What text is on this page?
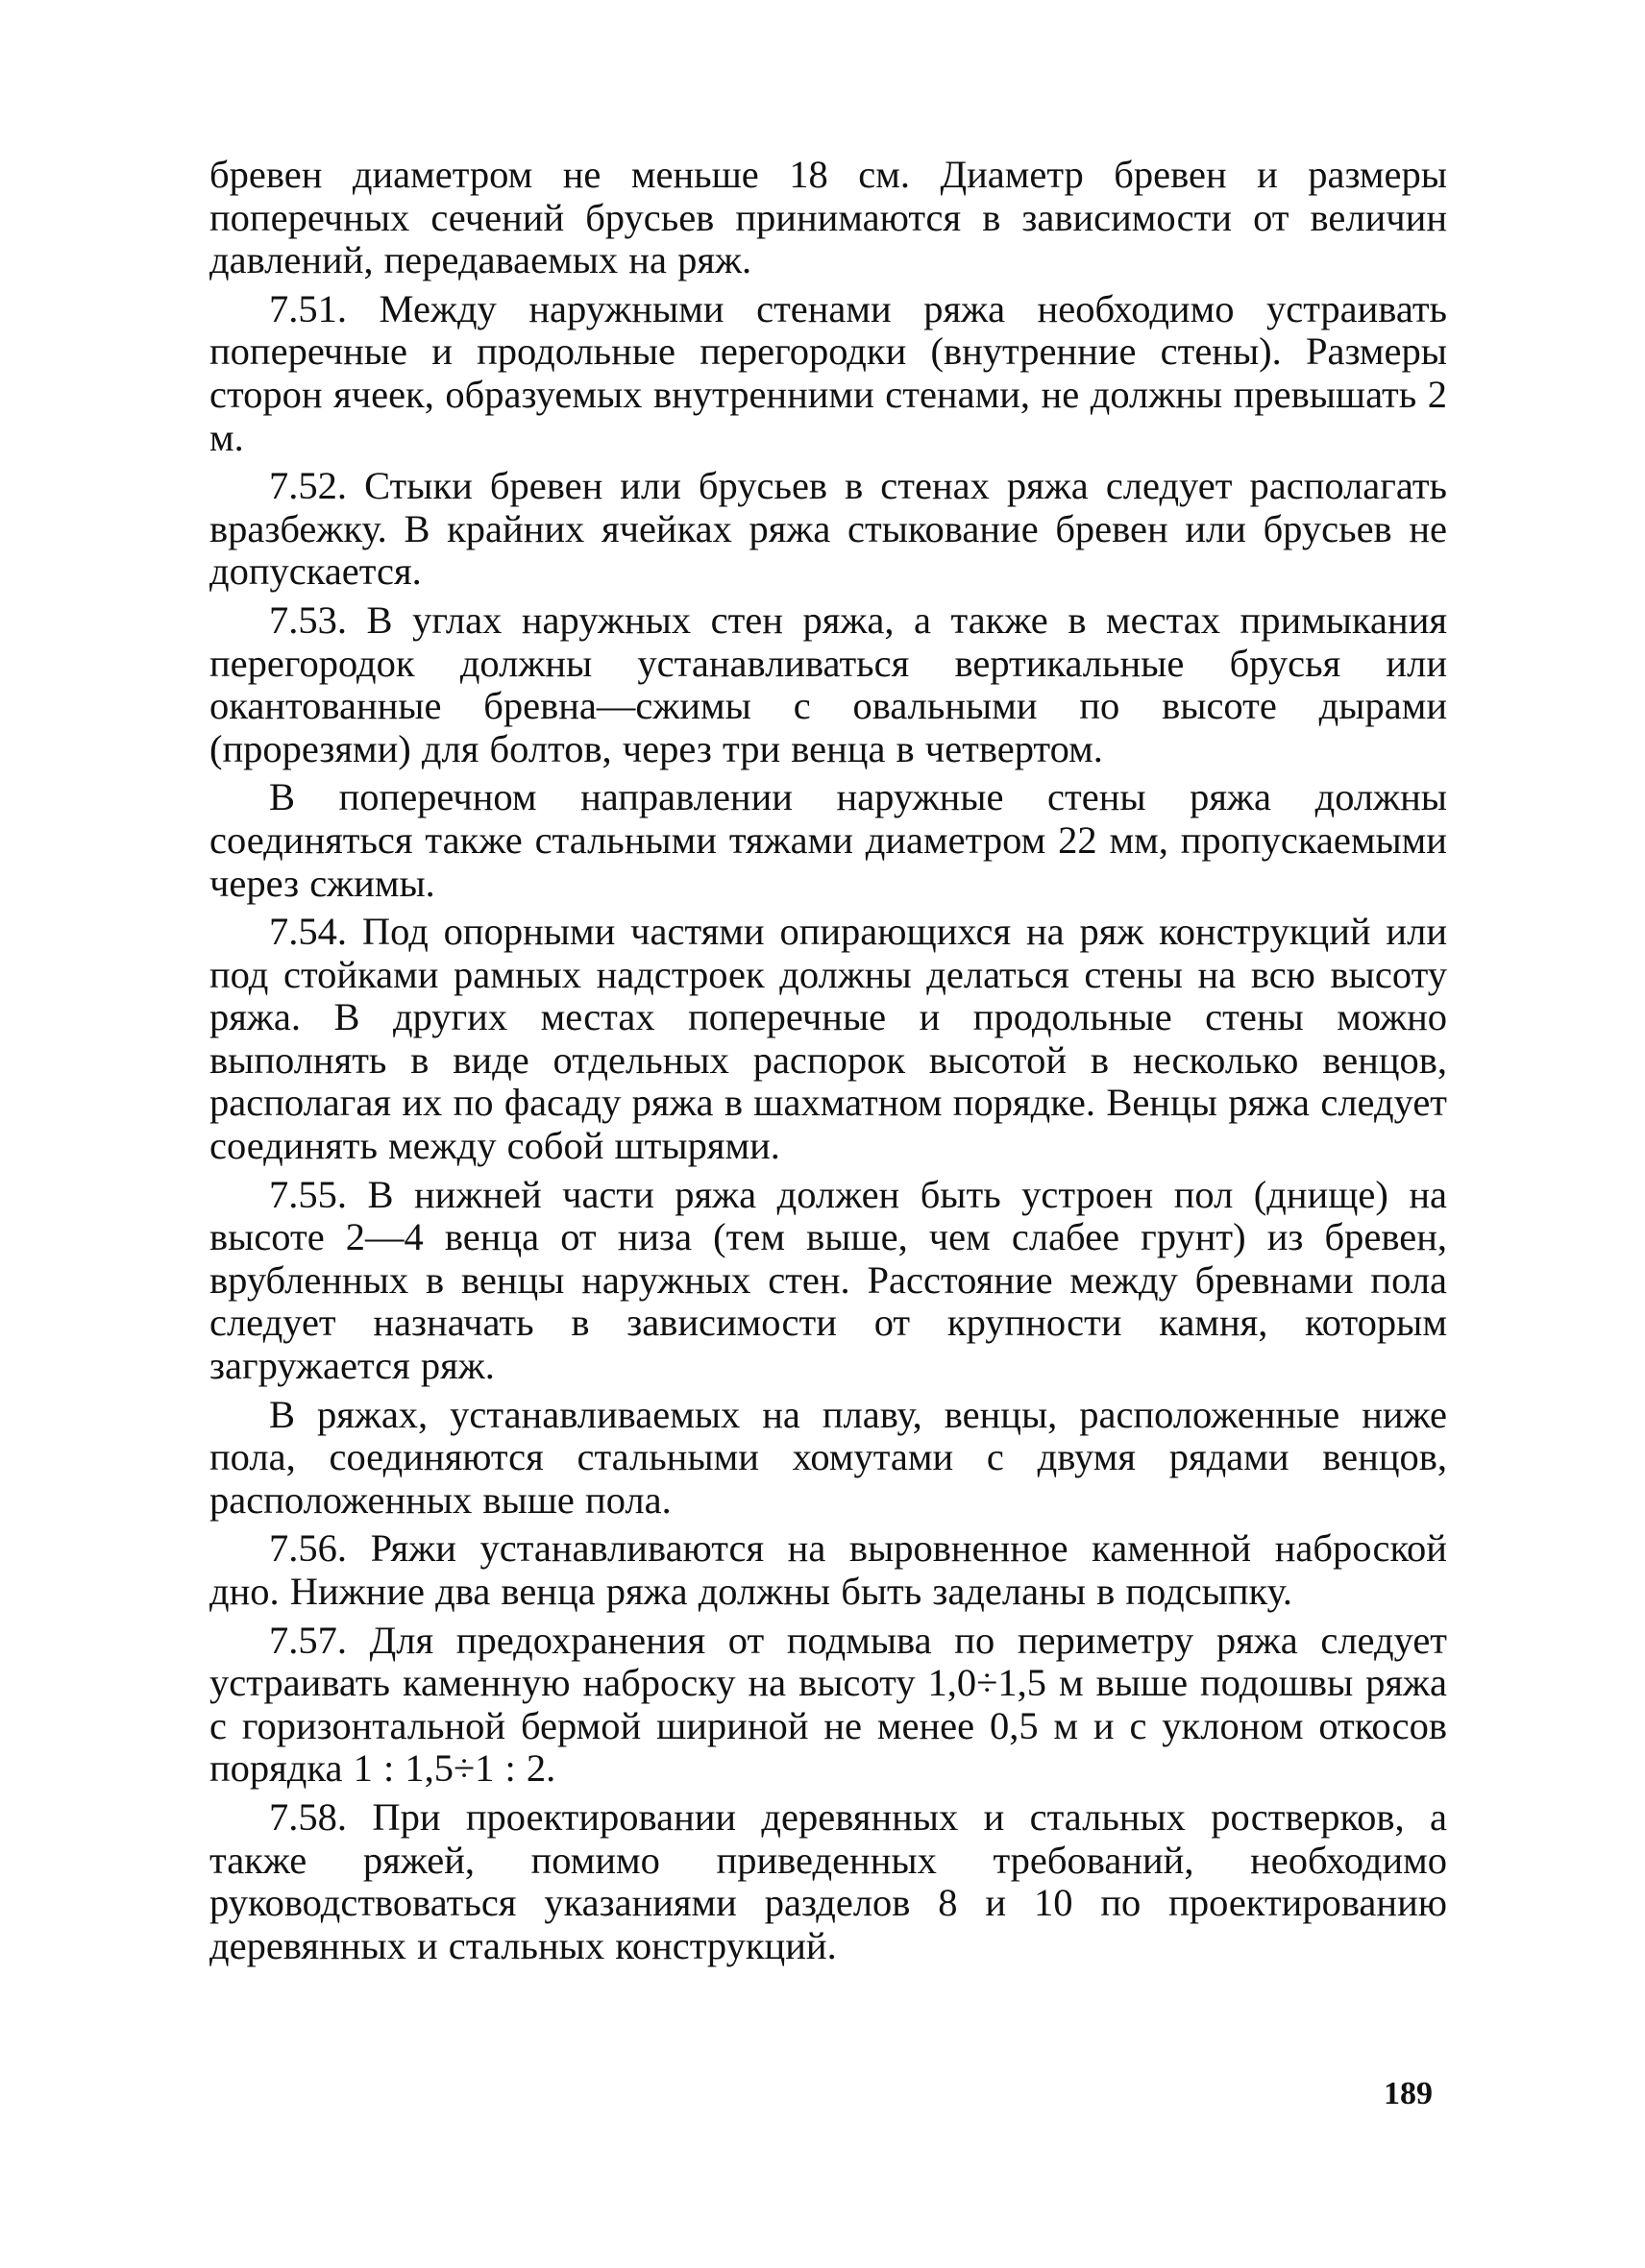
бревен диаметром не меньше 18 см. Диаметр бревен и размеры поперечных сечений брусьев принимаются в зависимости от величин давлений, передаваемых на ряж.

7.51. Между наружными стенами ряжа необходимо устраивать поперечные и продольные перегородки (внутренние стены). Размеры сторон ячеек, образуемых внутренними стенами, не должны превышать 2 м.

7.52. Стыки бревен или брусьев в стенах ряжа следует располагать вразбежку. В крайних ячейках ряжа стыкование бревен или брусьев не допускается.

7.53. В углах наружных стен ряжа, а также в местах примыкания перегородок должны устанавливаться вертикальные брусья или окантованные бревна—сжимы с овальными по высоте дырами (прорезями) для болтов, через три венца в четвертом.

В поперечном направлении наружные стены ряжа должны соединяться также стальными тяжами диаметром 22 мм, пропускаемыми через сжимы.

7.54. Под опорными частями опирающихся на ряж конструкций или под стойками рамных надстроек должны делаться стены на всю высоту ряжа. В других местах поперечные и продольные стены можно выполнять в виде отдельных распорок высотой в несколько венцов, располагая их по фасаду ряжа в шахматном порядке. Венцы ряжа следует соединять между собой штырями.

7.55. В нижней части ряжа должен быть устроен пол (днище) на высоте 2—4 венца от низа (тем выше, чем слабее грунт) из бревен, врубленных в венцы наружных стен. Расстояние между бревнами пола следует назначать в зависимости от крупности камня, которым загружается ряж.

В ряжах, устанавливаемых на плаву, венцы, расположенные ниже пола, соединяются стальными хомутами с двумя рядами венцов, расположенных выше пола.

7.56. Ряжи устанавливаются на выровненное каменной наброской дно. Нижние два венца ряжа должны быть заделаны в подсыпку.

7.57. Для предохранения от подмыва по периметру ряжа следует устраивать каменную наброску на высоту 1,0÷1,5 м выше подошвы ряжа с горизонтальной бермой шириной не менее 0,5 м и с уклоном откосов порядка 1 : 1,5÷1 : 2.

7.58. При проектировании деревянных и стальных ростверков, а также ряжей, помимо приведенных требований, необходимо руководствоваться указаниями разделов 8 и 10 по проектированию деревянных и стальных конструкций.

189
